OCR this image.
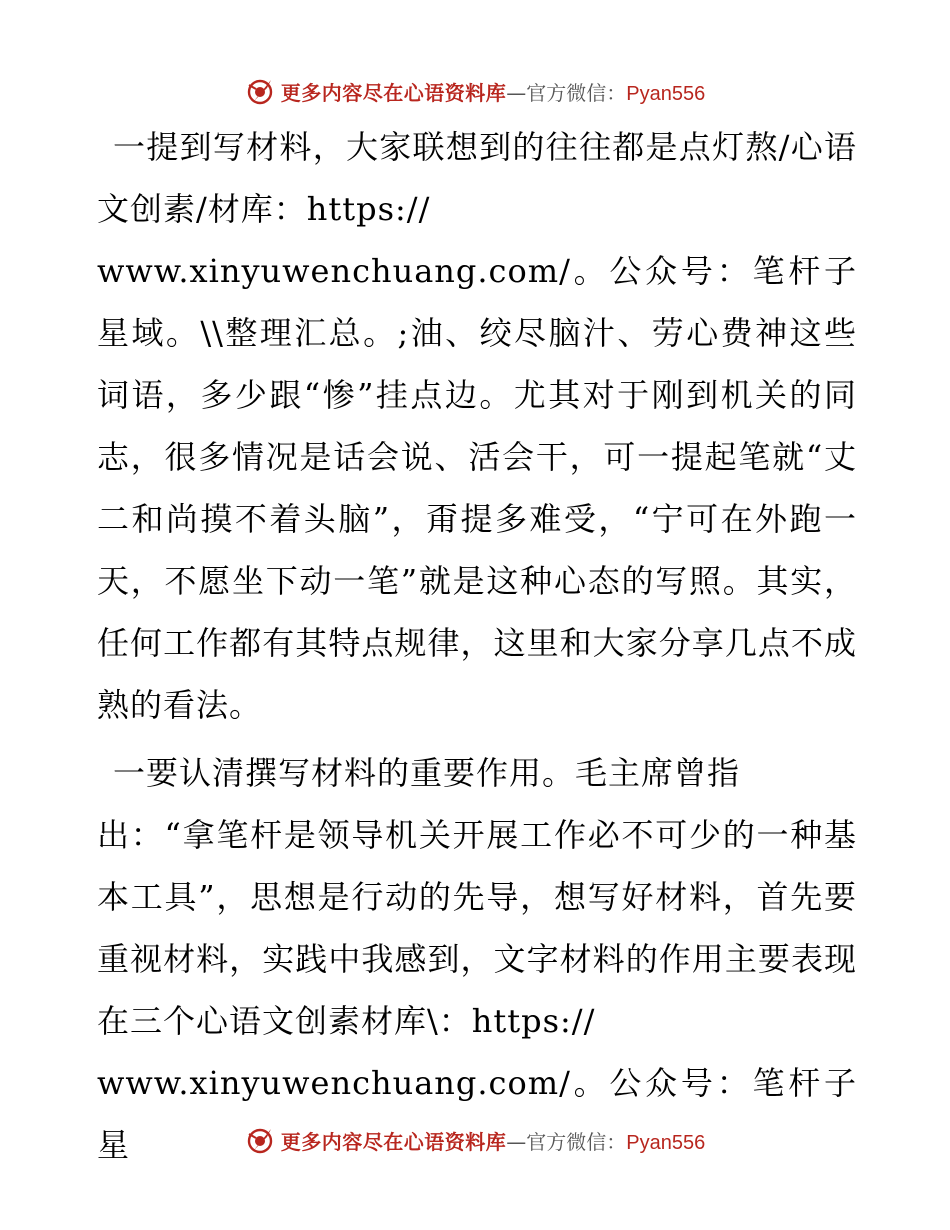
更多内容尽在心语资料库 — 官方微信： Pyan556

一提到写材料，大家联想到的往往都是点灯熬/心语文创素/材库：https://
www.xinyuwenchuang.com/。公众号：笔杆子星域。\\整理汇总。;油、绞尽脑汁、劳心费神这些词语，多少跟“惨”挂点边。尤其对于刚到机关的同志，很多情况是话会说、活会干，可一提起笔就“丈二和尚摸不着头脑”，甭提多难受，“宁可在外跑一天，不愿坐下动一笔”就是这种心态的写照。其实，任何工作都有其特点规律，这里和大家分享几点不成熟的看法。

一要认清撰写材料的重要作用。毛主席曾指
出：“拿笔杆是领导机关开展工作必不可少的一种基本工具”，思想是行动的先导，想写好材料，首先要重视材料，实践中我感到，文字材料的作用主要表现在三个心语文创素材库\：https://
www.xinyuwenchuang.com/。公众号：笔杆子星	更多内容尽在心语资料库 — 官方微信： Pyan556
